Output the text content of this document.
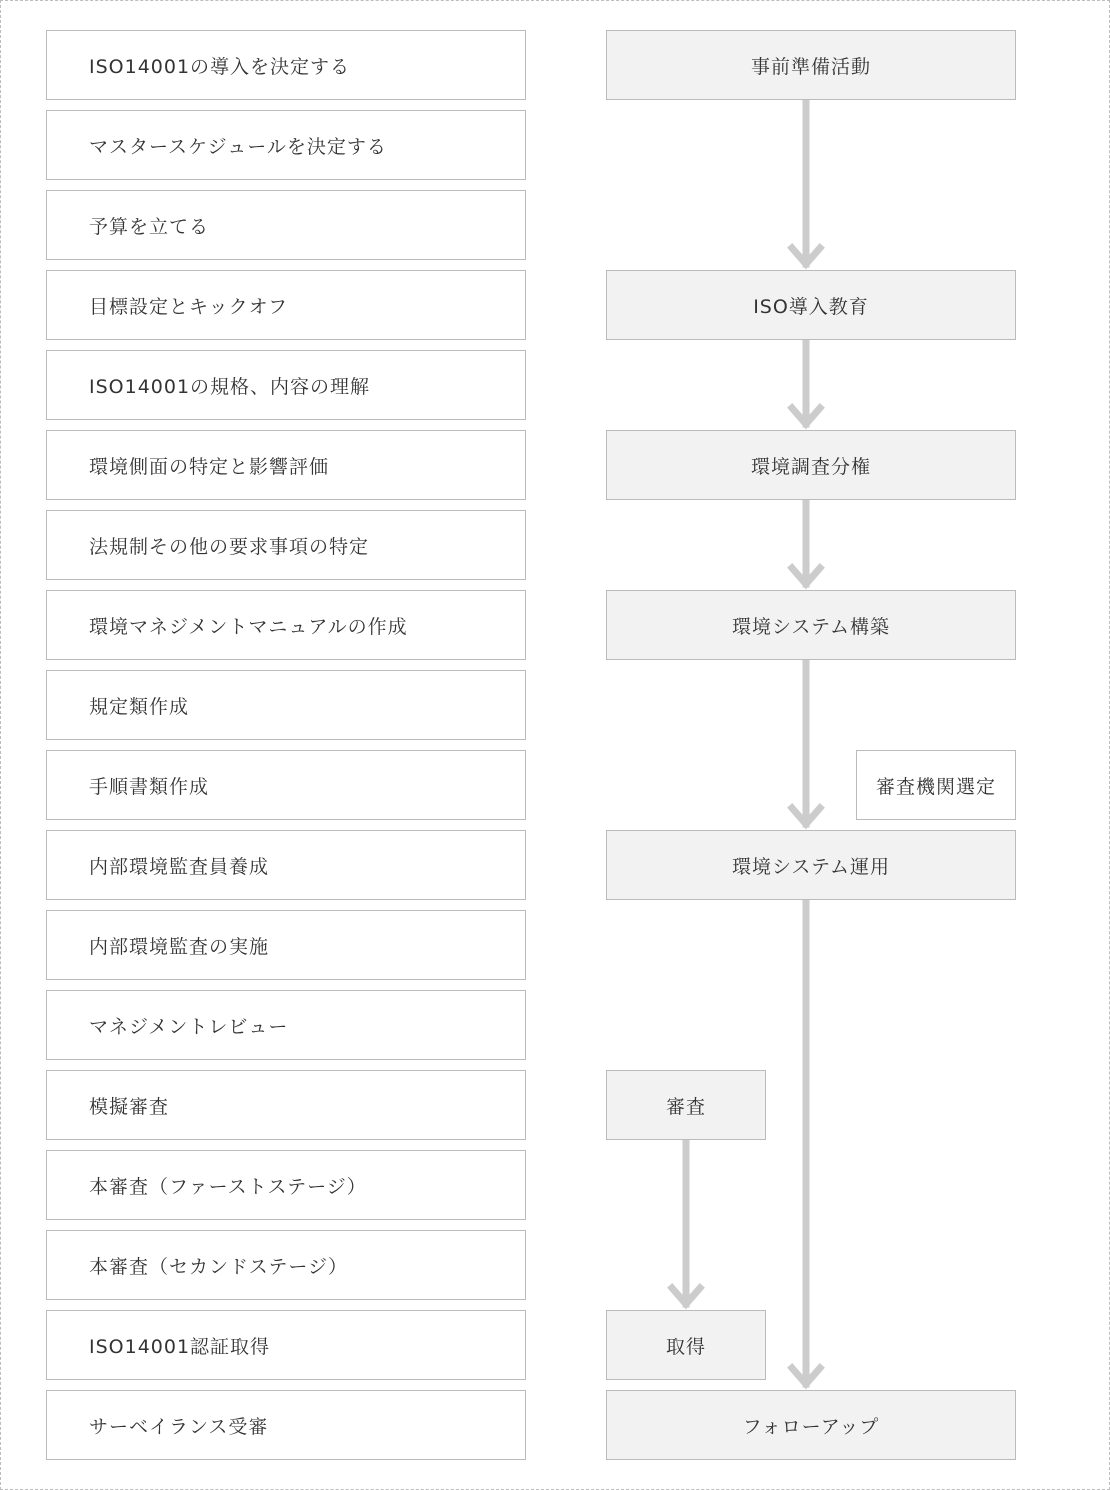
ISO14001の導入を決定する
マスタースケジュールを決定する
予算を立てる
目標設定とキックオフ
ISO14001の規格、内容の理解
環境側面の特定と影響評価
法規制その他の要求事項の特定
環境マネジメントマニュアルの作成
規定類作成
手順書類作成
内部環境監査員養成
内部環境監査の実施
マネジメントレビュー
模擬審査
本審査（ファーストステージ）
本審査（セカンドステージ）
ISO14001認証取得
サーベイランス受審
事前準備活動
ISO導入教育
環境調査分権
環境システム構築
審査機関選定
環境システム運用
審査
取得
フォローアップ
